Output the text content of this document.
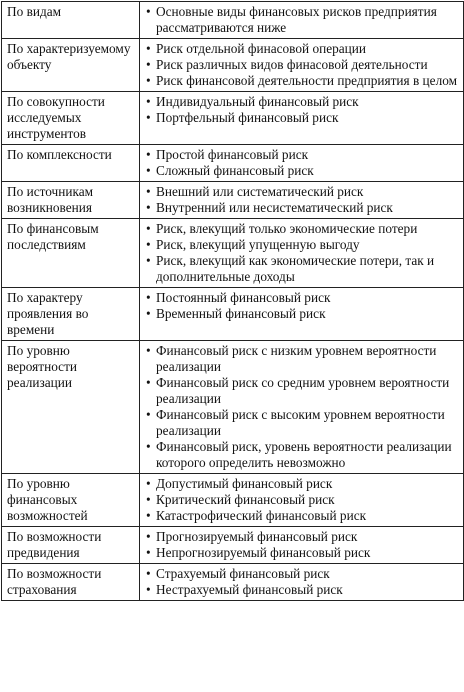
По видам	• Основные виды финансовых рисков предприятия рассматриваются ниже

По характеризуемому объекту	• Риск отдельной финасовой операции
• Риск различных видов финасовой деятельности
• Риск финансовой деятельности предприятия в целом

По совокупности исследуемых инструментов	• Индивидуальный финансовый риск
• Портфельный финансовый риск

По комплексности	• Простой финансовый риск
• Сложный финансовый риск

По источникам возникновения	• Внешний или систематический риск
• Внутренний или несистематический риск

По финансовым последствиям	• Риск, влекущий только экономические потери
• Риск, влекущий упущенную выгоду
• Риск, влекущий как экономические потери, так и дополнительные доходы

По характеру проявления во времени	• Постоянный финансовый риск
• Временный финансовый риск

По уровню вероятности реализации	• Финансовый риск с низким уровнем вероятности реализации
• Финансовый риск со средним уровнем вероятности реализации
• Финансовый риск с высоким уровнем вероятности реализации
• Финансовый риск, уровень вероятности реализации которого определить невозможно

По уровню финансовых возможностей	• Допустимый финансовый риск
• Критический финансовый риск
• Катастрофический финансовый риск

По возможности предвидения	• Прогнозируемый финансовый риск
• Непрогнозируемый финансовый риск

По возможности страхования	• Страхуемый финансовый риск
• Нестрахуемый финансовый риск
